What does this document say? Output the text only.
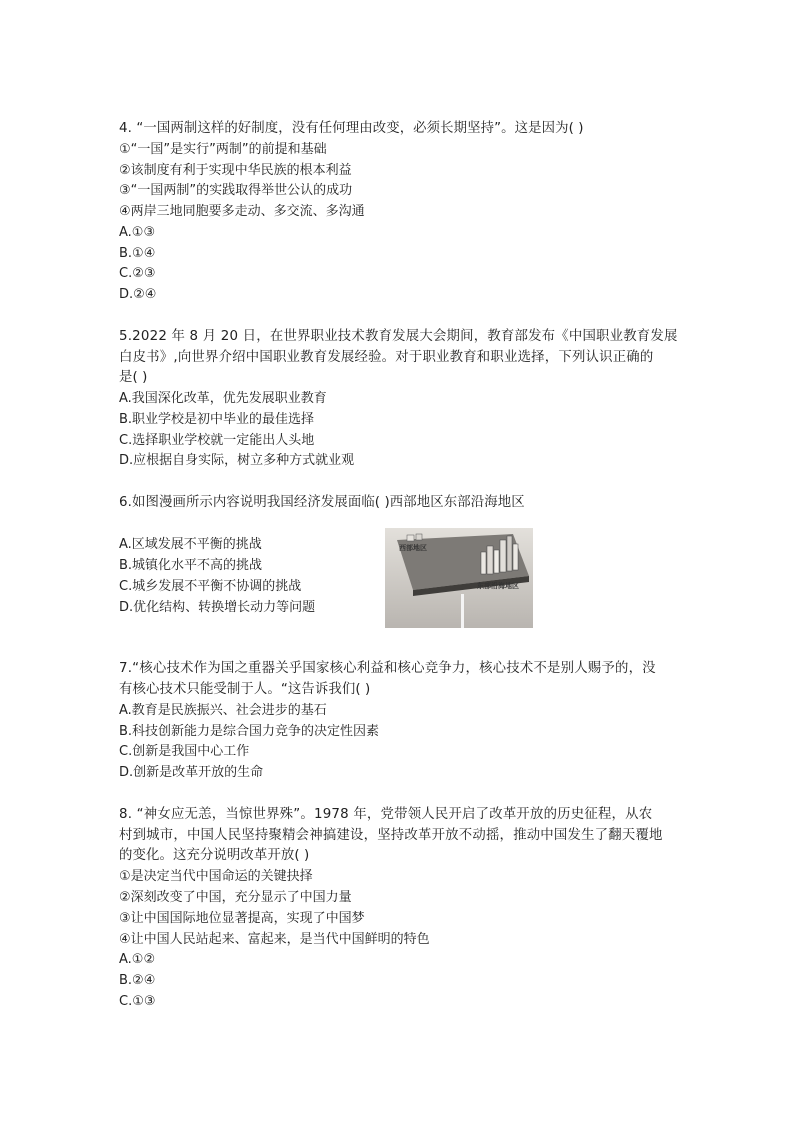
4. “一国两制这样的好制度，没有任何理由改变，必须长期坚持”。这是因为( )
①“一国”是实行”两制”的前提和基础
②该制度有利于实现中华民族的根本利益
③“一国两制”的实践取得举世公认的成功
④两岸三地同胞要多走动、多交流、多沟通
A.①③
B.①④
C.②③
D.②④
5.2022 年 8 月 20 日，在世界职业技术教育发展大会期间，教育部发布《中国职业教育发展
白皮书》,向世界介绍中国职业教育发展经验。对于职业教育和职业选择，下列认识正确的
是( )
A.我国深化改革，优先发展职业教育
B.职业学校是初中毕业的最佳选择
C.选择职业学校就一定能出人头地
D.应根据自身实际，树立多种方式就业观
6.如图漫画所示内容说明我国经济发展面临( )西部地区东部沿海地区
A.区域发展不平衡的挑战
B.城镇化水平不高的挑战
C.城乡发展不平衡不协调的挑战
D.优化结构、转换增长动力等问题
西部地区
东部沿海地区
7.“核心技术作为国之重器关乎国家核心利益和核心竞争力，核心技术不是别人赐予的，没
有核心技术只能受制于人。“这告诉我们( )
A.教育是民族振兴、社会进步的基石
B.科技创新能力是综合国力竞争的决定性因素
C.创新是我国中心工作
D.创新是改革开放的生命
8. “神女应无恙，当惊世界殊”。1978 年，党带领人民开启了改革开放的历史征程，从农
村到城市，中国人民坚持聚精会神搞建设，坚持改革开放不动摇，推动中国发生了翻天覆地
的变化。这充分说明改革开放( )
①是决定当代中国命运的关键抉择
②深刻改变了中国，充分显示了中国力量
③让中国国际地位显著提高，实现了中国梦
④让中国人民站起来、富起来，是当代中国鲜明的特色
A.①②
B.②④
C.①③
